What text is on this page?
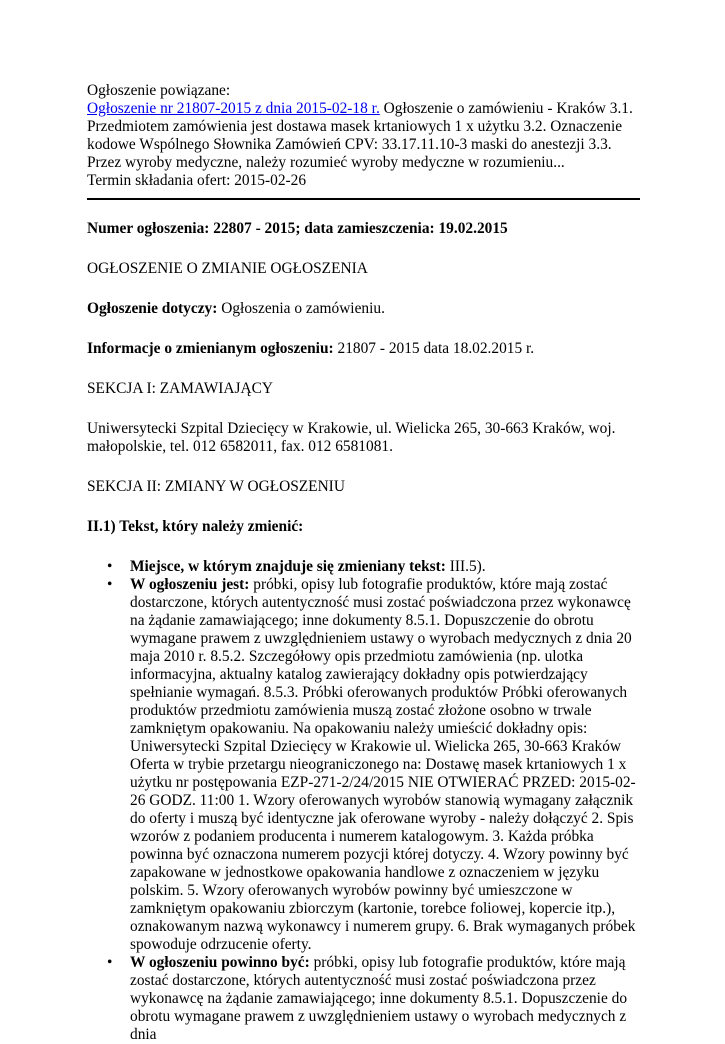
Ogłoszenie powiązane:

Ogłoszenie nr 21807-2015 z dnia 2015-02-18 r. Ogłoszenie o zamówieniu - Kraków 3.1. Przedmiotem zamówienia jest dostawa masek krtaniowych 1 x użytku 3.2. Oznaczenie kodowe Wspólnego Słownika Zamówień CPV: 33.17.11.10-3 maski do anestezji 3.3. Przez wyroby medyczne, należy rozumieć wyroby medyczne w rozumieniu...

Termin składania ofert: 2015-02-26

Numer ogłoszenia: 22807 - 2015; data zamieszczenia: 19.02.2015

OGŁOSZENIE O ZMIANIE OGŁOSZENIA

Ogłoszenie dotyczy: Ogłoszenia o zamówieniu.

Informacje o zmienianym ogłoszeniu: 21807 - 2015 data 18.02.2015 r.

SEKCJA I: ZAMAWIAJĄCY

Uniwersytecki Szpital Dziecięcy w Krakowie, ul. Wielicka 265, 30-663 Kraków, woj. małopolskie, tel. 012 6582011, fax. 012 6581081.

SEKCJA II: ZMIANY W OGŁOSZENIU

II.1) Tekst, który należy zmienić:

• Miejsce, w którym znajduje się zmieniany tekst: III.5).
• W ogłoszeniu jest: próbki, opisy lub fotografie produktów, które mają zostać dostarczone, których autentyczność musi zostać poświadczona przez wykonawcę na żądanie zamawiającego; inne dokumenty 8.5.1. Dopuszczenie do obrotu wymagane prawem z uwzględnieniem ustawy o wyrobach medycznych z dnia 20 maja 2010 r. 8.5.2. Szczegółowy opis przedmiotu zamówienia (np. ulotka informacyjna, aktualny katalog zawierający dokładny opis potwierdzający spełnianie wymagań. 8.5.3. Próbki oferowanych produktów Próbki oferowanych produktów przedmiotu zamówienia muszą zostać złożone osobno w trwale zamkniętym opakowaniu. Na opakowaniu należy umieścić dokładny opis: Uniwersytecki Szpital Dziecięcy w Krakowie ul. Wielicka 265, 30-663 Kraków Oferta w trybie przetargu nieograniczonego na: Dostawę masek krtaniowych 1 x użytku nr postępowania EZP-271-2/24/2015 NIE OTWIERAĆ PRZED: 2015-02-26 GODZ. 11:00 1. Wzory oferowanych wyrobów stanowią wymagany załącznik do oferty i muszą być identyczne jak oferowane wyroby - należy dołączyć 2. Spis wzorów z podaniem producenta i numerem katalogowym. 3. Każda próbka powinna być oznaczona numerem pozycji której dotyczy. 4. Wzory powinny być zapakowane w jednostkowe opakowania handlowe z oznaczeniem w języku polskim. 5. Wzory oferowanych wyrobów powinny być umieszczone w zamkniętym opakowaniu zbiorczym (kartonie, torebce foliowej, kopercie itp.), oznakowanym nazwą wykonawcy i numerem grupy. 6. Brak wymaganych próbek spowoduje odrzucenie oferty.
• W ogłoszeniu powinno być: próbki, opisy lub fotografie produktów, które mają zostać dostarczone, których autentyczność musi zostać poświadczona przez wykonawcę na żądanie zamawiającego; inne dokumenty 8.5.1. Dopuszczenie do obrotu wymagane prawem z uwzględnieniem ustawy o wyrobach medycznych z dnia
